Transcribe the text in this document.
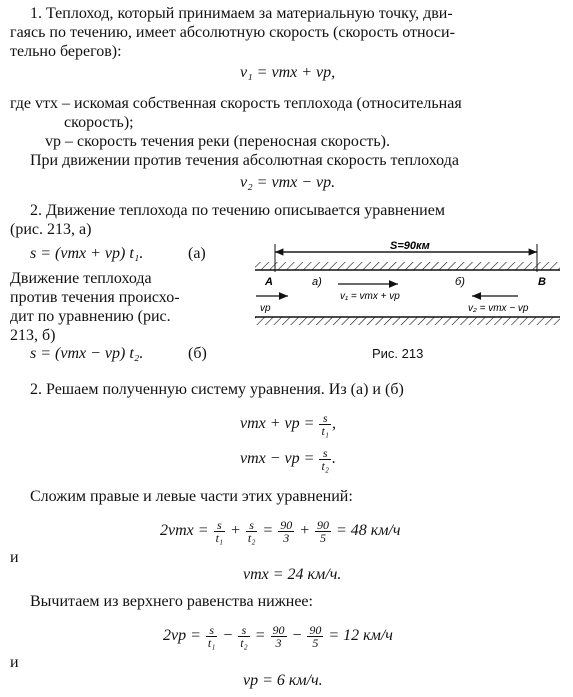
1. Теплоход, который принимаем за материальную точку, дви-
гаясь по течению, имеет абсолютную скорость (скорость относи-
тельно берегов):
v₁ = vтх + vр,
где vтх – искомая собственная скорость теплохода (относительная
скорость);
vр – скорость течения реки (переносная скорость).
При движении против течения абсолютная скорость теплохода
v₂ = vтх − vр.
2. Движение теплохода по течению описывается уравнением
(рис. 213, а)
s = (vтх + vр) t₁.	(а)
Движение теплохода
против течения происхо-
дит по уравнению (рис.
213, б)
s = (vтх − vр) t₂.	(б)
S=90км
A	B
а)	б)
v₁ = vтх + vр
v₂ = vтх − vр
vр
Рис. 213
2. Решаем полученную систему уравнения. Из (а) и (б)
vтх + vр = $\frac{s}{\text{t₁}}$ ,
vтх − vр = $\frac{s}{\text{t₂}}$ .
Сложим правые и левые части этих уравнений:
$2vтх = \frac{s}{\text{t₁}} + \frac{s}{\text{t₂}} = \frac{90}{3} + \frac{90}{5} = 48$ км/ч
и
vтх = 24 км/ч.
Вычитаем из верхнего равенства нижнее:
$2vр = \frac{s}{\text{t₁}} - \frac{s}{\text{t₂}} = \frac{90}{3} - \frac{90}{5} = 12$ км/ч
и
vр = 6 км/ч.
